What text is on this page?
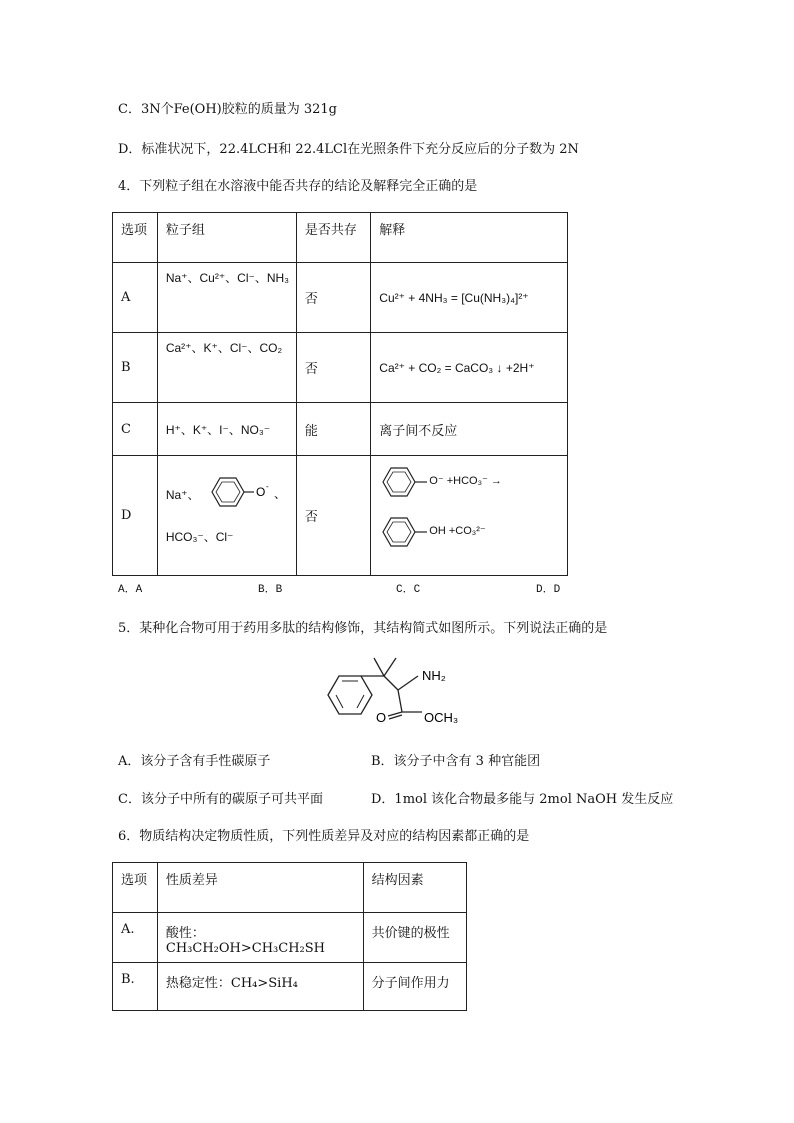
C．3N个Fe(OH)胶粒的质量为 321g
D．标准状况下，22.4LCH和 22.4LCl在光照条件下充分反应后的分子数为 2N
4．下列粒子组在水溶液中能否共存的结论及解释完全正确的是
选项	粒子组	是否共存	解释

A	Na⁺、Cu²⁺、Cl⁻、NH₃	否	Cu²⁺ + 4NH₃ = [Cu(NH₃)₄]²⁺

B	Ca²⁺、K⁺、Cl⁻、CO₂	否	Ca²⁺ + CO₂ = CaCO₃ ↓ +2H⁺

C	H⁺、K⁺、I⁻、NO₃⁻	能	离子间不反应

D	Na⁺、 O -
、
HCO₃⁻、Cl⁻	否	O⁻ +HCO₃⁻ →
OH +CO₃²⁻
A．A	B．B	C．C	D．D
5．某种化合物可用于药用多肽的结构修饰，其结构简式如图所示。下列说法正确的是
NH₂
O	OCH₃
A．该分子含有手性碳原子	B．该分子中含有 3 种官能团
C．该分子中所有的碳原子可共平面	D．1mol 该化合物最多能与 2mol NaOH 发生反应
6．物质结构决定物质性质，下列性质差异及对应的结构因素都正确的是
选项	性质差异	结构因素

A.	酸性：CH₃CH₂OH>CH₃CH₂SH	共价键的极性

B.	热稳定性：CH₄>SiH₄	分子间作用力
